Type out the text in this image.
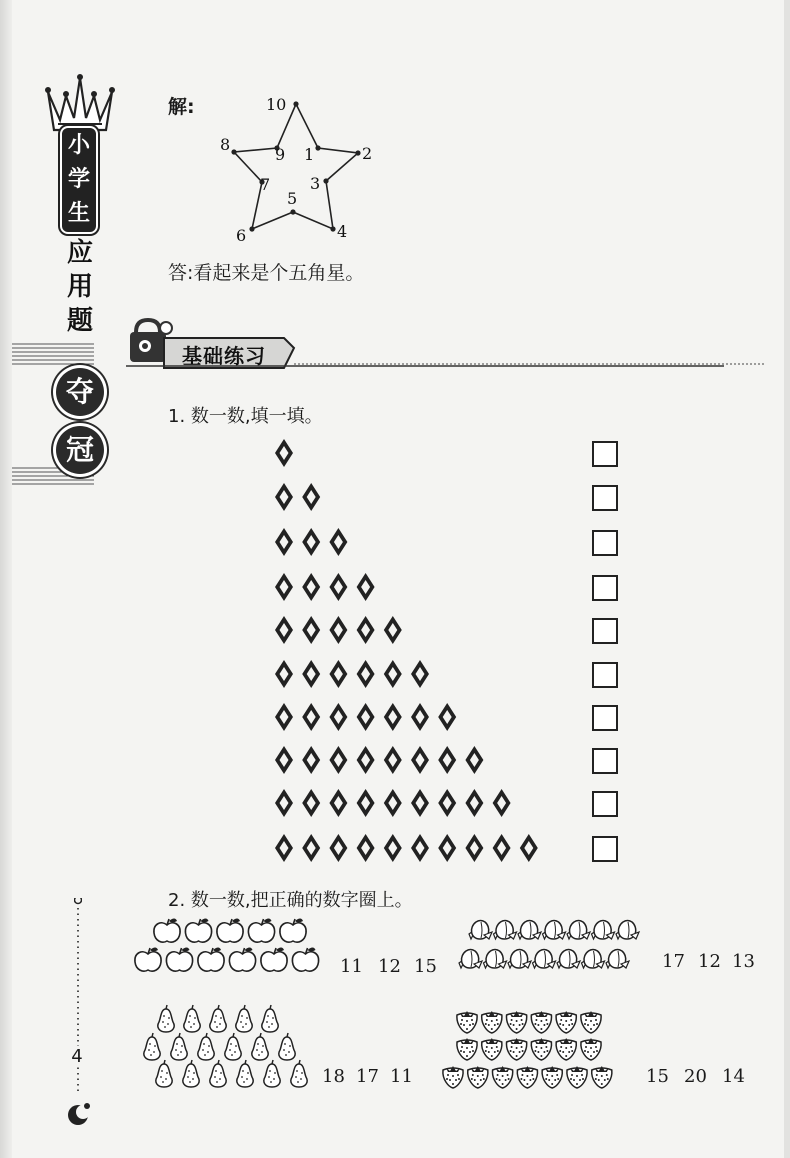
小
学
生
应
用
题
夺
冠
4
解:	10
2
4
6
8
1
3
5
7
9
答:看起来是个五角星。
基础练习
1. 数一数,填一填。
2. 数一数,把正确的数字圈上。
11 12 15	17 12 13
18 17 11	15 20 14
